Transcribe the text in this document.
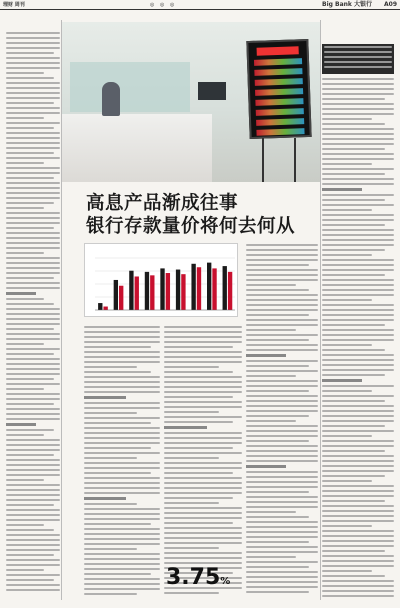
理财 周刊	◎ ◎ ◎	Big Bank 大银行 A09
高息产品渐成往事
银行存款量价将何去何从
3.75%
